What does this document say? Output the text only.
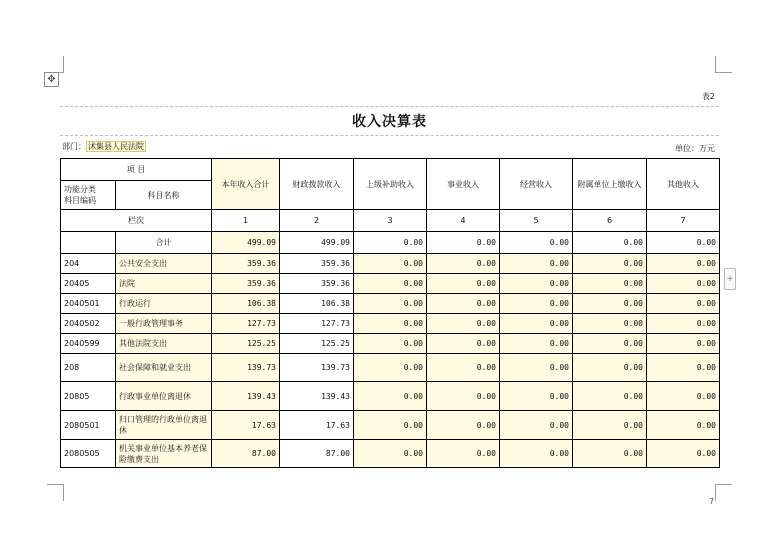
✥
+
表2
收入决算表
部门： 沭集县人民法院	单位：万元
项 目		本年收入合计	财政拨款收入	上级补助收入	事业收入	经营收入	附属单位上缴收入	其他收入
功能分类
科目编码	科目名称							
栏次		1	2	3	4	5	6	7
	合计	499.09	499.09	0.00	0.00	0.00	0.00	0.00
204	公共安全支出	359.36	359.36	0.00	0.00	0.00	0.00	0.00
20405	法院	359.36	359.36	0.00	0.00	0.00	0.00	0.00
2040501	行政运行	106.38	106.38	0.00	0.00	0.00	0.00	0.00
2040502	一般行政管理事务	127.73	127.73	0.00	0.00	0.00	0.00	0.00
2040599	其他法院支出	125.25	125.25	0.00	0.00	0.00	0.00	0.00
208	社会保障和就业支出	139.73	139.73	0.00	0.00	0.00	0.00	0.00
20805	行政事业单位离退休	139.43	139.43	0.00	0.00	0.00	0.00	0.00
2080501	归口管理的行政单位离退休	17.63	17.63	0.00	0.00	0.00	0.00	0.00
2080505	机关事业单位基本养老保险缴费支出	87.00	87.00	0.00	0.00	0.00	0.00	0.00
7
